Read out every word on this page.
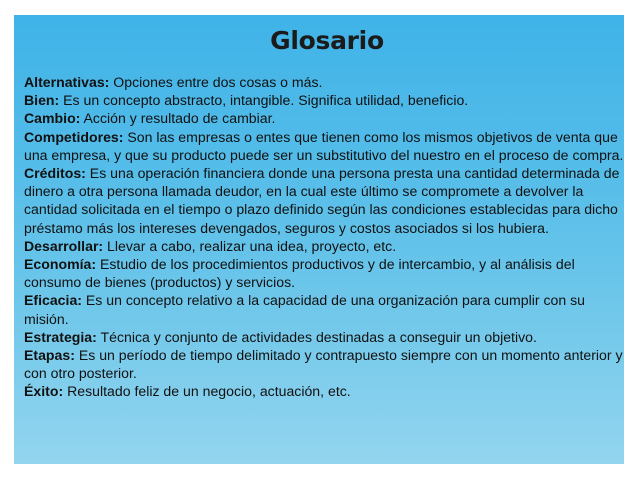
Glosario

Alternativas: Opciones entre dos cosas o más.

Bien: Es un concepto abstracto, intangible. Significa utilidad, beneficio.

Cambio: Acción y resultado de cambiar.

Competidores: Son las empresas o entes que tienen como los mismos objetivos de venta que una empresa, y que su producto puede ser un substitutivo del nuestro en el proceso de compra.

Créditos: Es una operación financiera donde una persona presta una cantidad determinada de dinero a otra persona llamada deudor, en la cual este último se compromete a devolver la cantidad solicitada en el tiempo o plazo definido según las condiciones establecidas para dicho préstamo más los intereses devengados, seguros y costos asociados si los hubiera.

Desarrollar: Llevar a cabo, realizar una idea, proyecto, etc.

Economía: Estudio de los procedimientos productivos y de intercambio, y al análisis del consumo de bienes (productos) y servicios.

Eficacia: Es un concepto relativo a la capacidad de una organización para cumplir con su misión.

Estrategia: Técnica y conjunto de actividades destinadas a conseguir un objetivo.

Etapas: Es un período de tiempo delimitado y contrapuesto siempre con un momento anterior y con otro posterior.

Éxito: Resultado feliz de un negocio, actuación, etc.
